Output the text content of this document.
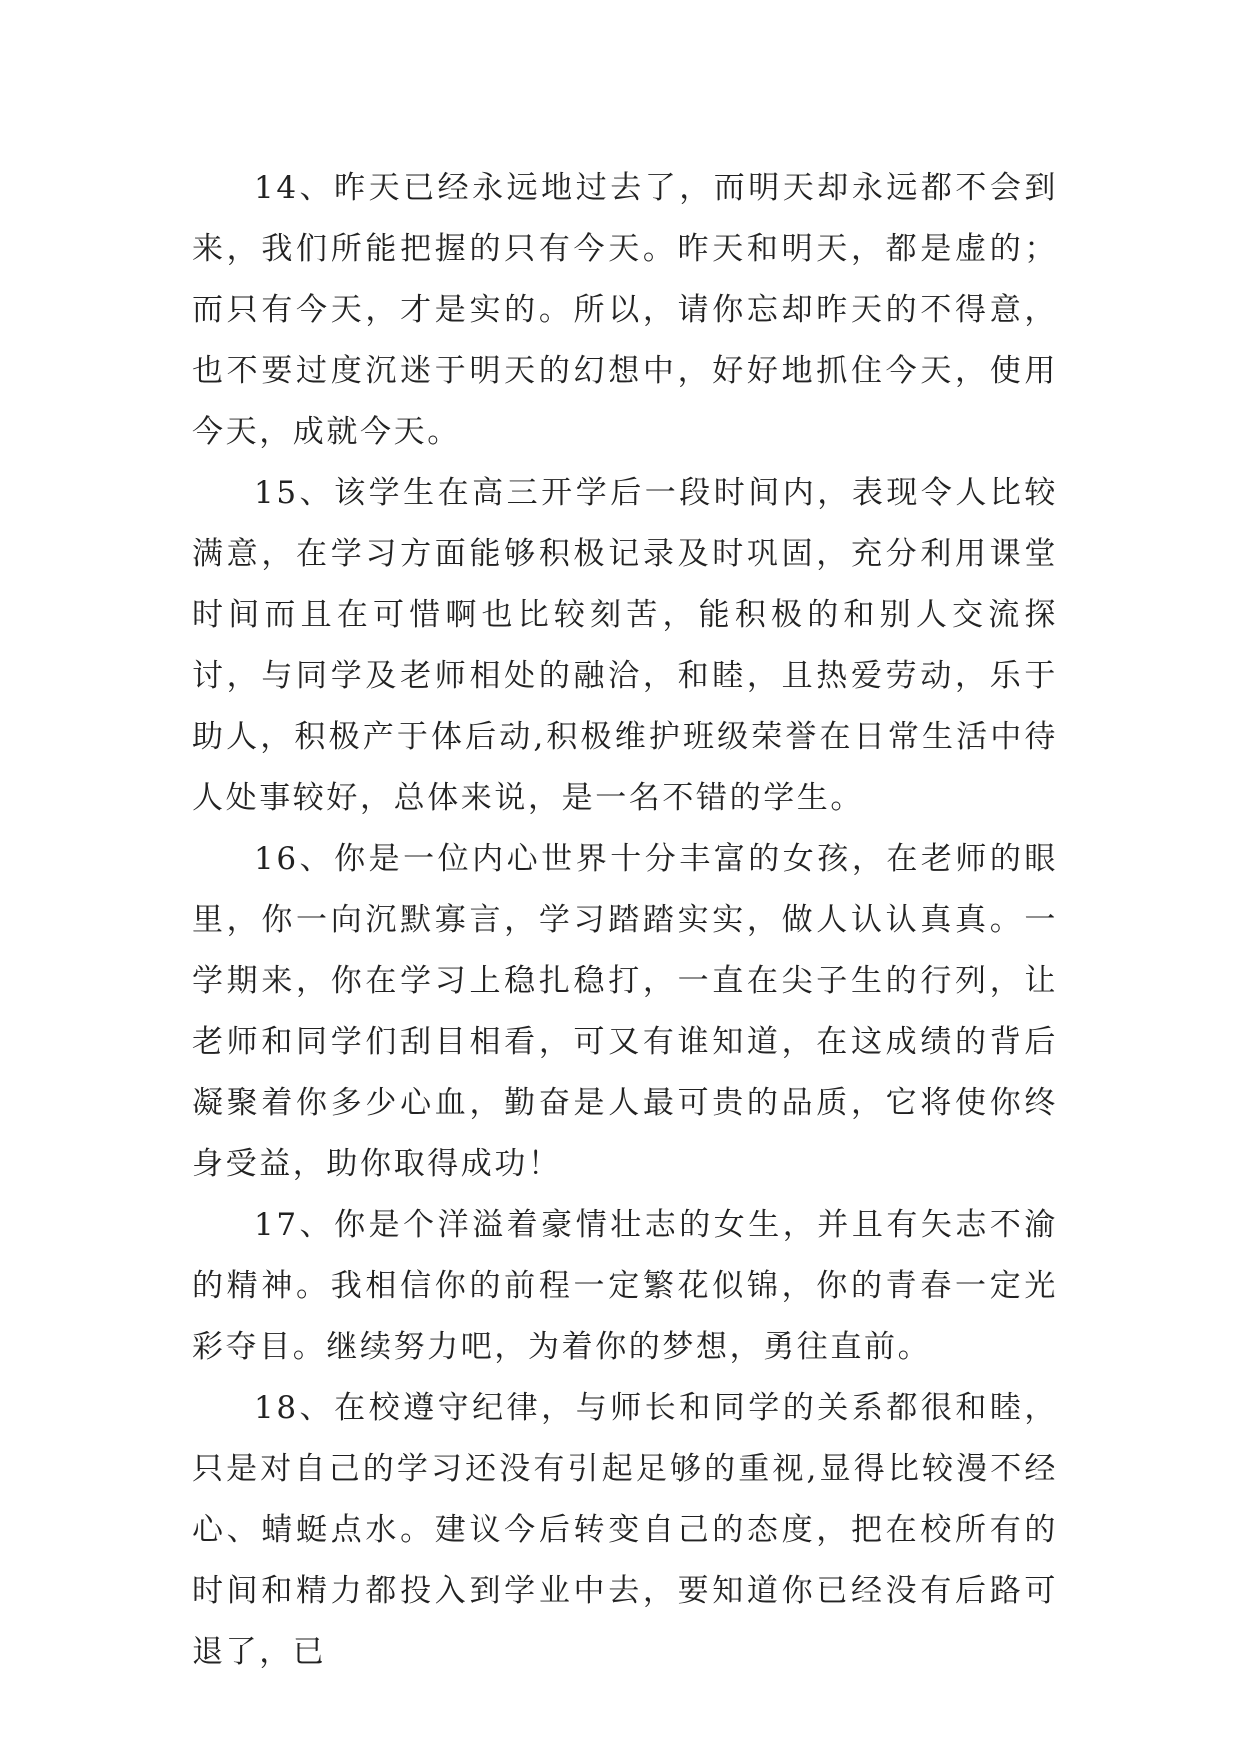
14、昨天已经永远地过去了，而明天却永远都不会到来，我们所能把握的只有今天。昨天和明天，都是虚的；而只有今天，才是实的。所以，请你忘却昨天的不得意，也不要过度沉迷于明天的幻想中，好好地抓住今天，使用今天，成就今天。

15、该学生在高三开学后一段时间内，表现令人比较满意，在学习方面能够积极记录及时巩固，充分利用课堂时间而且在可惜啊也比较刻苦，能积极的和别人交流探讨，与同学及老师相处的融洽，和睦，且热爱劳动，乐于助人，积极产于体后动,积极维护班级荣誉在日常生活中待人处事较好，总体来说，是一名不错的学生。

16、你是一位内心世界十分丰富的女孩，在老师的眼里，你一向沉默寡言，学习踏踏实实，做人认认真真。一学期来，你在学习上稳扎稳打，一直在尖子生的行列，让老师和同学们刮目相看，可又有谁知道，在这成绩的背后凝聚着你多少心血，勤奋是人最可贵的品质，它将使你终身受益，助你取得成功！

17、你是个洋溢着豪情壮志的女生，并且有矢志不渝的精神。我相信你的前程一定繁花似锦，你的青春一定光彩夺目。继续努力吧，为着你的梦想，勇往直前。

18、在校遵守纪律，与师长和同学的关系都很和睦，只是对自己的学习还没有引起足够的重视,显得比较漫不经心、蜻蜓点水。建议今后转变自己的态度，把在校所有的时间和精力都投入到学业中去，要知道你已经没有后路可退了，已
